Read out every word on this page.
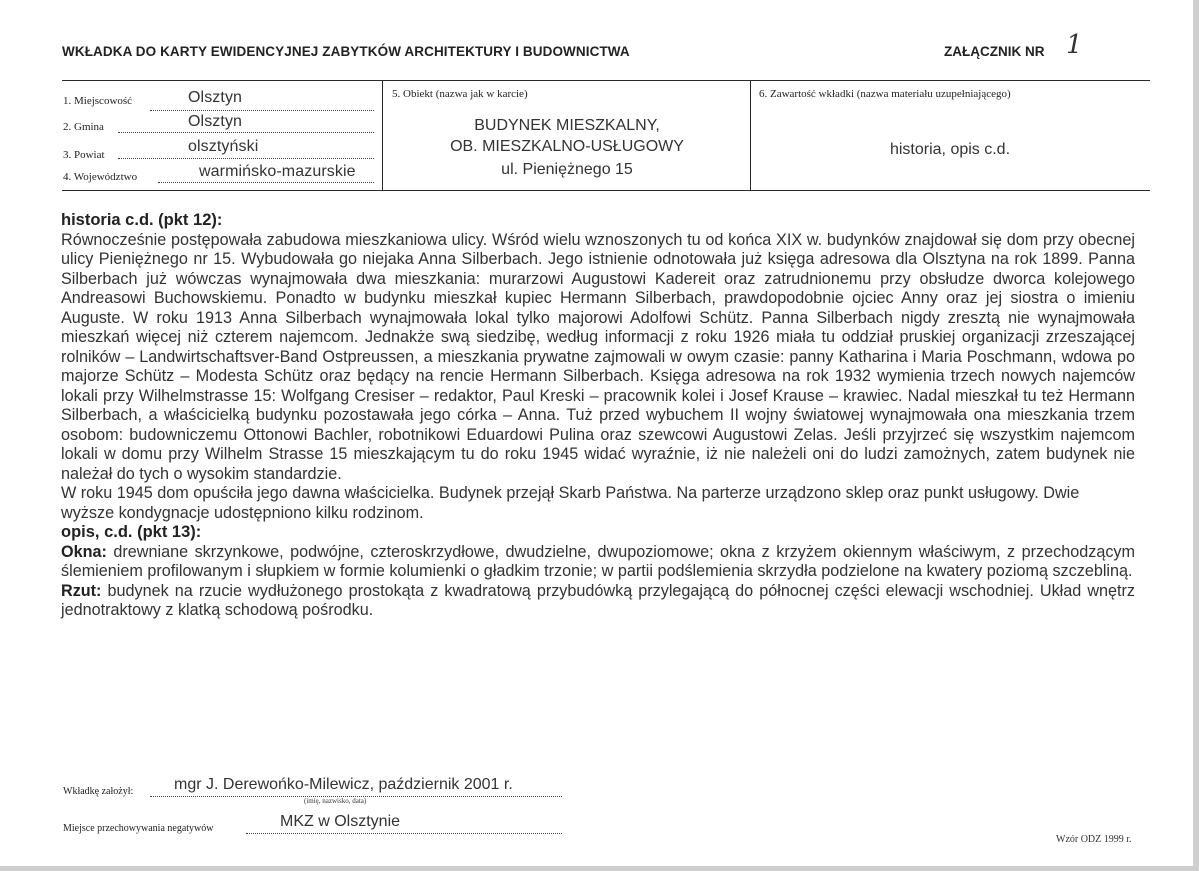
WKŁADKA DO KARTY EWIDENCYJNEJ ZABYTKÓW ARCHITEKTURY I BUDOWNICTWA	ZAŁĄCZNIK NR 1
1. Miejscowość	Olsztyn
2. Gmina	Olsztyn
3. Powiat	olsztyński
4. Województwo	warmińsko-mazurskie
5. Obiekt (nazwa jak w karcie)
BUDYNEK MIESZKALNY,
OB. MIESZKALNO-USŁUGOWY
ul. Pieniężnego 15
6. Zawartość wkładki (nazwa materiału uzupełniającego)
historia, opis c.d.
historia c.d. (pkt 12):

Równocześnie postępowała zabudowa mieszkaniowa ulicy. Wśród wielu wznoszonych tu od końca XIX w. budynków znajdował się dom przy obecnej ulicy Pieniężnego nr 15. Wybudowała go niejaka Anna Silberbach. Jego istnienie odnotowała już księga adresowa dla Olsztyna na rok 1899. Panna Silberbach już wówczas wynajmowała dwa mieszkania: murarzowi Augustowi Kadereit oraz zatrudnionemu przy obsłudze dworca kolejowego Andreasowi Buchowskiemu. Ponadto w budynku mieszkał kupiec Hermann Silberbach, prawdopodobnie ojciec Anny oraz jej siostra o imieniu Auguste. W roku 1913 Anna Silberbach wynajmowała lokal tylko majorowi Adolfowi Schütz. Panna Silberbach nigdy zresztą nie wynajmowała mieszkań więcej niż czterem najemcom. Jednakże swą siedzibę, według informacji z roku 1926 miała tu oddział pruskiej organizacji zrzeszającej rolników – Landwirtschaftsver-Band Ostpreussen, a mieszkania prywatne zajmowali w owym czasie: panny Katharina i Maria Poschmann, wdowa po majorze Schütz – Modesta Schütz oraz będący na rencie Hermann Silberbach. Księga adresowa na rok 1932 wymienia trzech nowych najemców lokali przy Wilhelmstrasse 15: Wolfgang Cresiser – redaktor, Paul Kreski – pracownik kolei i Josef Krause – krawiec. Nadal mieszkał tu też Hermann Silberbach, a właścicielką budynku pozostawała jego córka – Anna. Tuż przed wybuchem II wojny światowej wynajmowała ona mieszkania trzem osobom: budowniczemu Ottonowi Bachler, robotnikowi Eduardowi Pulina oraz szewcowi Augustowi Zelas. Jeśli przyjrzeć się wszystkim najemcom lokali w domu przy Wilhelm Strasse 15 mieszkającym tu do roku 1945 widać wyraźnie, iż nie należeli oni do ludzi zamożnych, zatem budynek nie należał do tych o wysokim standardzie.

W roku 1945 dom opuściła jego dawna właścicielka. Budynek przejął Skarb Państwa. Na parterze urządzono sklep oraz punkt usługowy. Dwie wyższe kondygnacje udostępniono kilku rodzinom.

opis, c.d. (pkt 13):

Okna: drewniane skrzynkowe, podwójne, czteroskrzydłowe, dwudzielne, dwupoziomowe; okna z krzyżem okiennym właściwym, z przechodzącym ślemieniem profilowanym i słupkiem w formie kolumienki o gładkim trzonie; w partii podślemienia skrzydła podzielone na kwatery poziomą szczebliną.

Rzut: budynek na rzucie wydłużonego prostokąta z kwadratową przybudówką przylegającą do północnej części elewacji wschodniej. Układ wnętrz jednotraktowy z klatką schodową pośrodku.

Wkładkę założył:	mgr J. Derewońko-Milewicz, październik 2001 r.
(imię, nazwisko, data)
Miejsce przechowywania negatywów	MKZ w Olsztynie
Wzór ODZ 1999 r.
